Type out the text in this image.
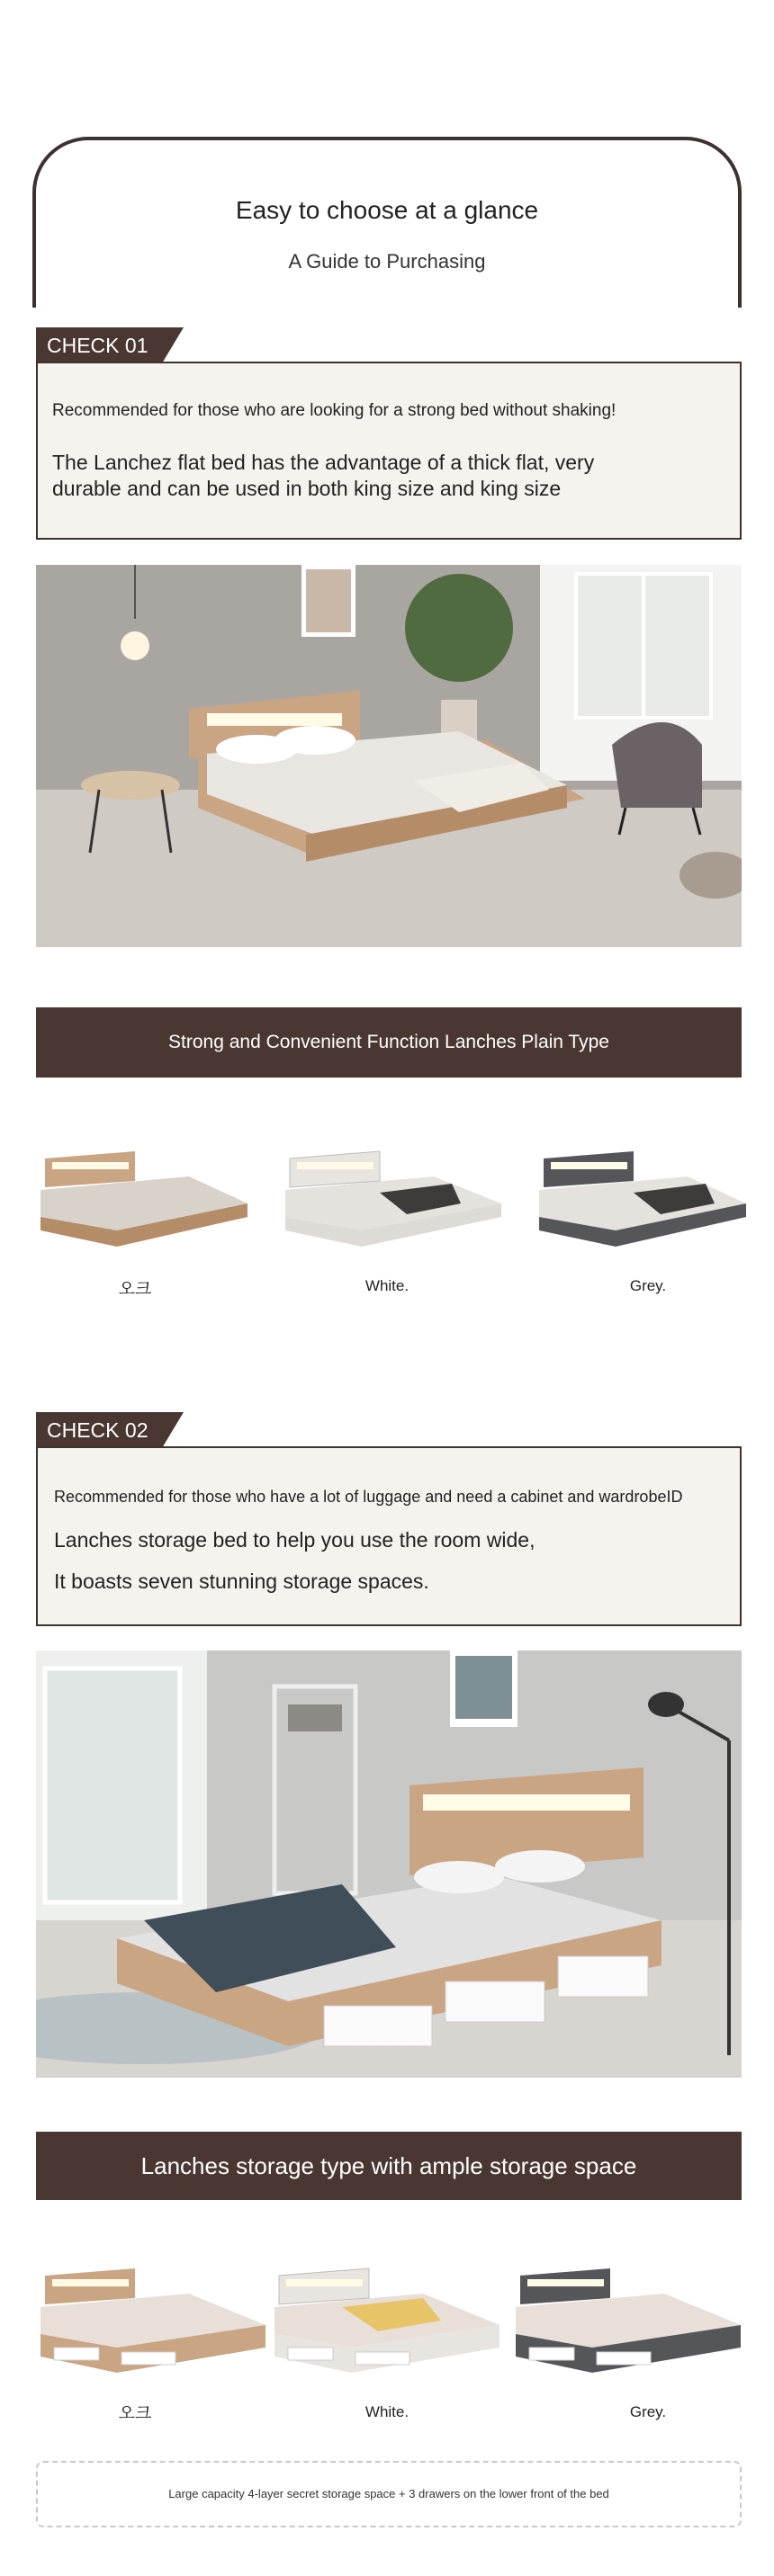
Easy to choose at a glance
A Guide to Purchasing
CHECK 01
Recommended for those who are looking for a strong bed without shaking!
The Lanchez flat bed has the advantage of a thick flat, very
durable and can be used in both king size and king size
Strong and Convenient Function Lanches Plain Type
오크	White.	Grey.
CHECK 02
Recommended for those who have a lot of luggage and need a cabinet and wardrobeID
Lanches storage bed to help you use the room wide,
It boasts seven stunning storage spaces.
Lanches storage type with ample storage space
오크	White.	Grey.
Large capacity 4-layer secret storage space + 3 drawers on the lower front of the bed
